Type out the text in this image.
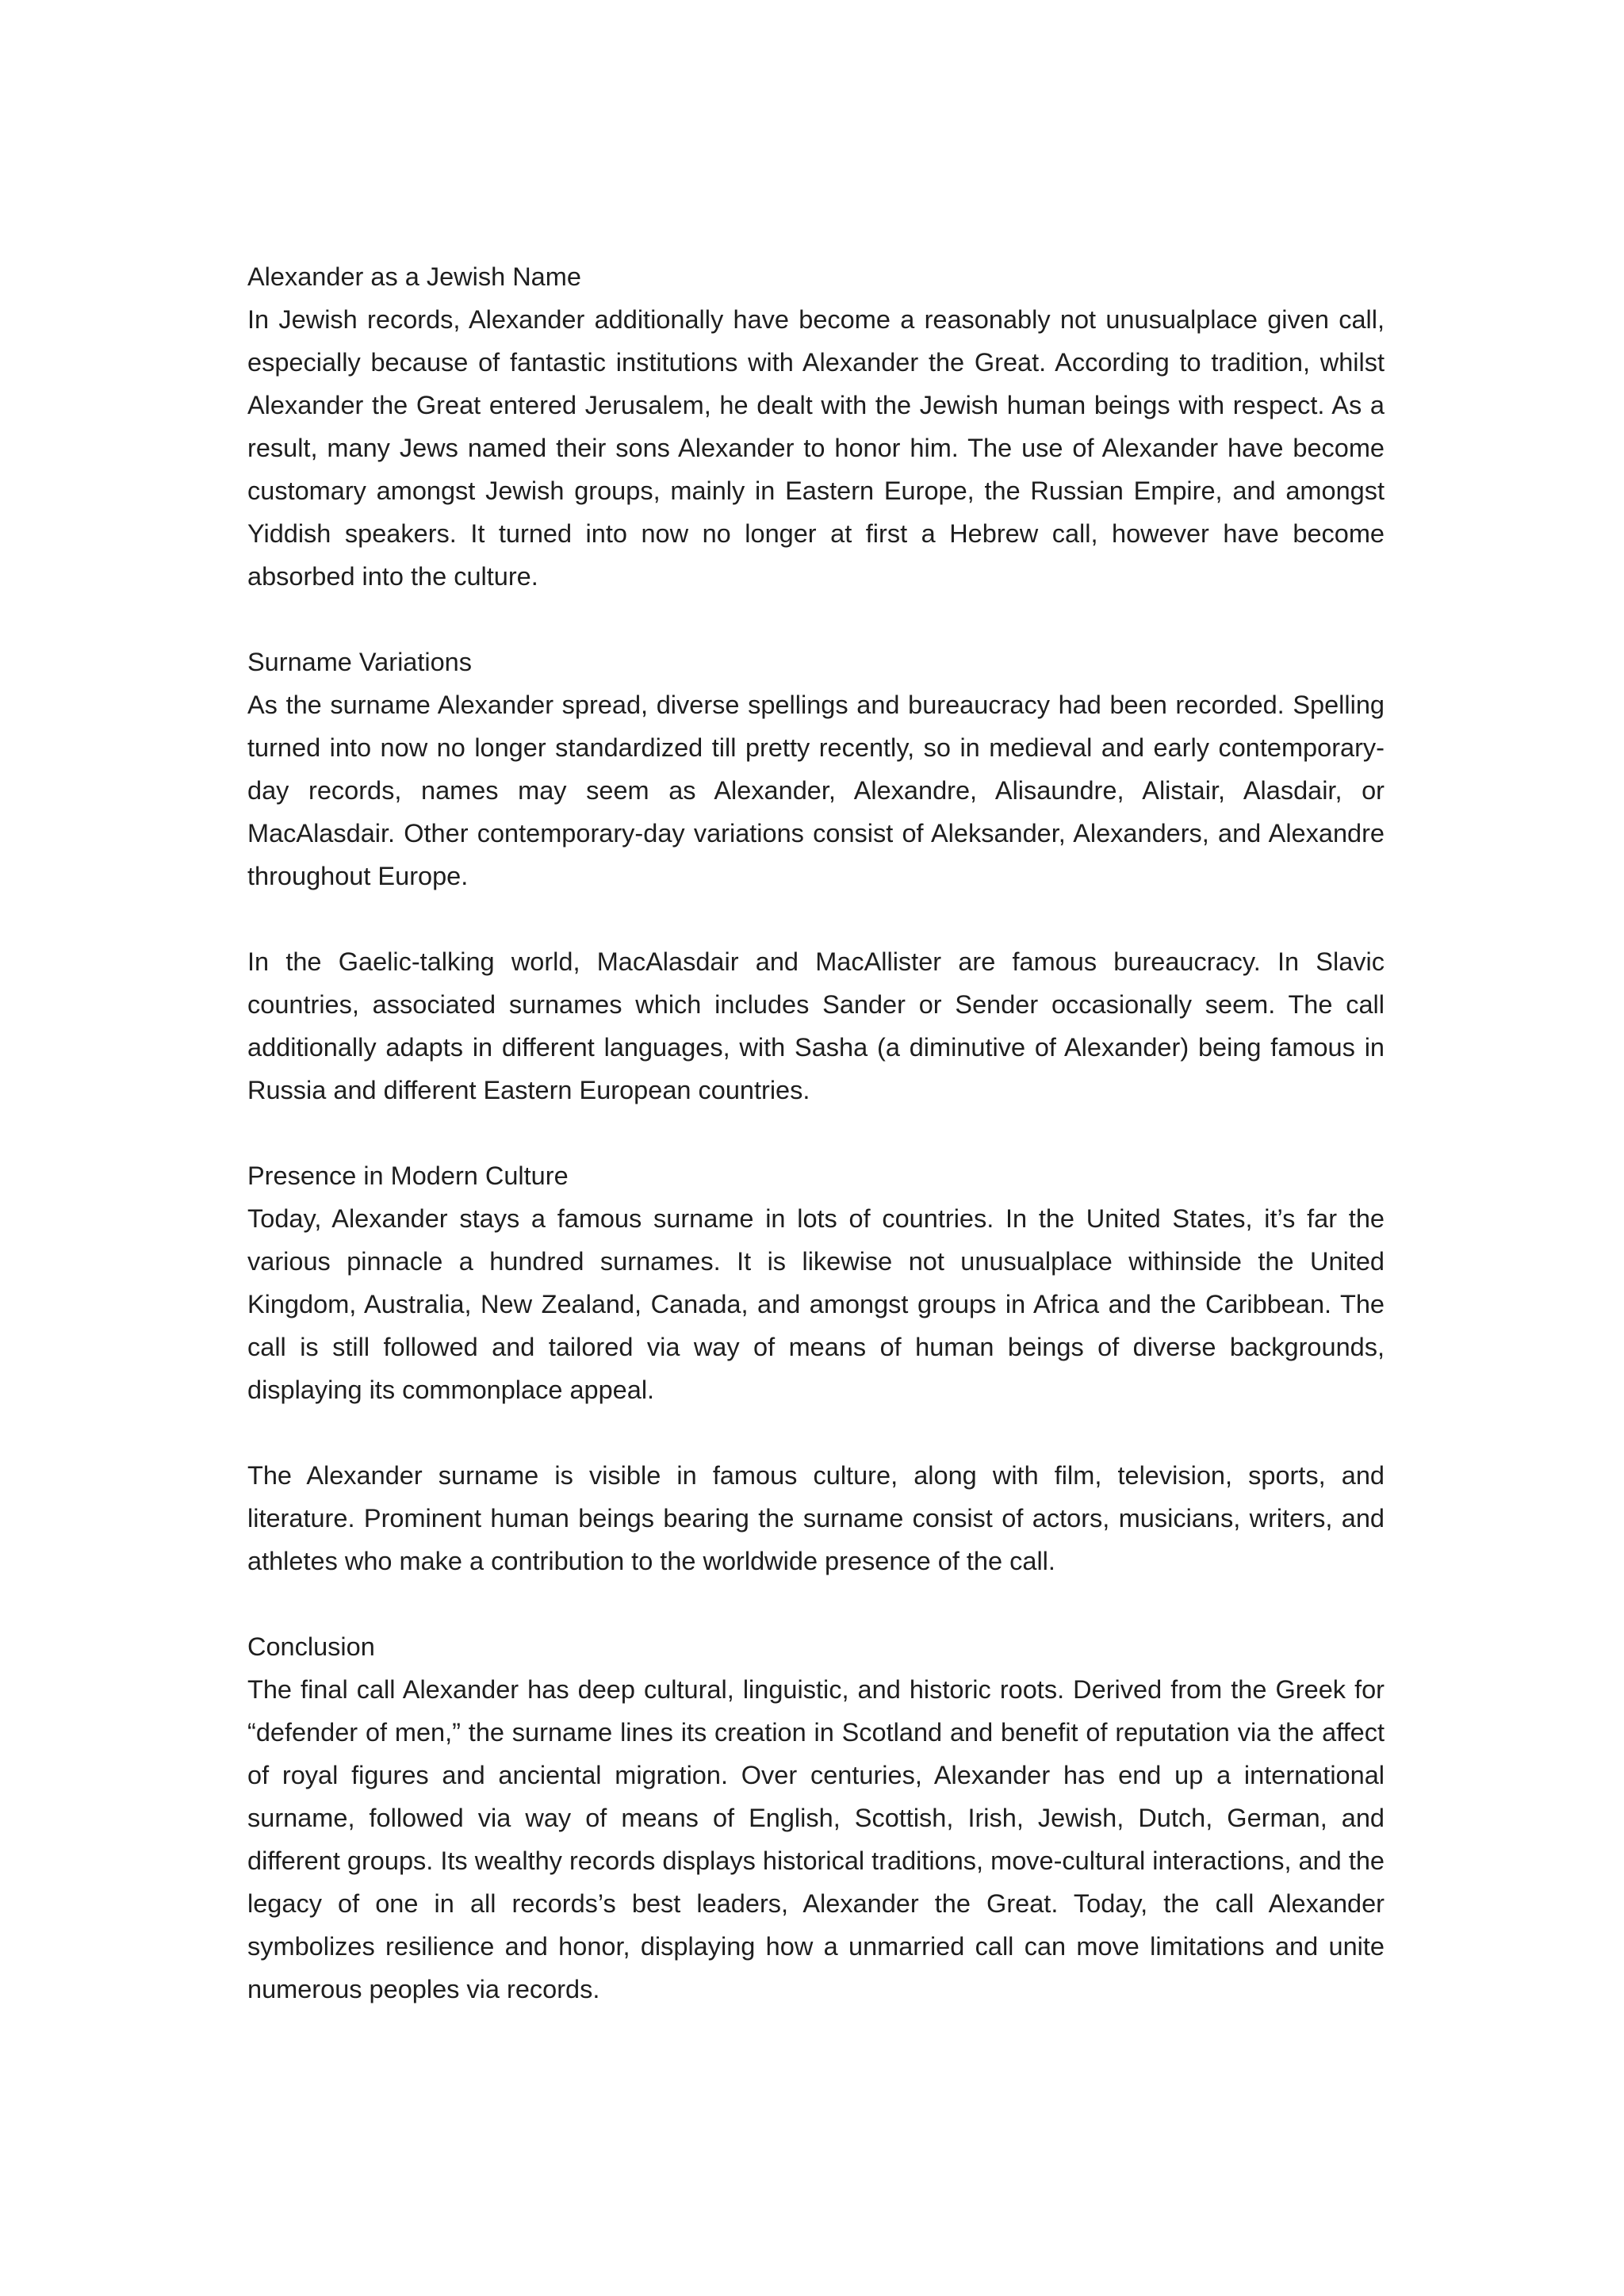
Alexander as a Jewish Name

In Jewish records, Alexander additionally have become a reasonably not unusualplace given call, especially because of fantastic institutions with Alexander the Great. According to tradition, whilst Alexander the Great entered Jerusalem, he dealt with the Jewish human beings with respect. As a result, many Jews named their sons Alexander to honor him. The use of Alexander have become customary amongst Jewish groups, mainly in Eastern Europe, the Russian Empire, and amongst Yiddish speakers. It turned into now no longer at first a Hebrew call, however have become absorbed into the culture.

Surname Variations

As the surname Alexander spread, diverse spellings and bureaucracy had been recorded. Spelling turned into now no longer standardized till pretty recently, so in medieval and early contemporary-day records, names may seem as Alexander, Alexandre, Alisaundre, Alistair, Alasdair, or MacAlasdair. Other contemporary-day variations consist of Aleksander, Alexanders, and Alexandre throughout Europe.

In the Gaelic-talking world, MacAlasdair and MacAllister are famous bureaucracy. In Slavic countries, associated surnames which includes Sander or Sender occasionally seem. The call additionally adapts in different languages, with Sasha (a diminutive of Alexander) being famous in Russia and different Eastern European countries.

Presence in Modern Culture

Today, Alexander stays a famous surname in lots of countries. In the United States, it’s far the various pinnacle a hundred surnames. It is likewise not unusualplace withinside the United Kingdom, Australia, New Zealand, Canada, and amongst groups in Africa and the Caribbean. The call is still followed and tailored via way of means of human beings of diverse backgrounds, displaying its commonplace appeal.

The Alexander surname is visible in famous culture, along with film, television, sports, and literature. Prominent human beings bearing the surname consist of actors, musicians, writers, and athletes who make a contribution to the worldwide presence of the call.

Conclusion

The final call Alexander has deep cultural, linguistic, and historic roots. Derived from the Greek for “defender of men,” the surname lines its creation in Scotland and benefit of reputation via the affect of royal figures and anciental migration. Over centuries, Alexander has end up a international surname, followed via way of means of English, Scottish, Irish, Jewish, Dutch, German, and different groups. Its wealthy records displays historical traditions, move-cultural interactions, and the legacy of one in all records’s best leaders, Alexander the Great. Today, the call Alexander symbolizes resilience and honor, displaying how a unmarried call can move limitations and unite numerous peoples via records.
